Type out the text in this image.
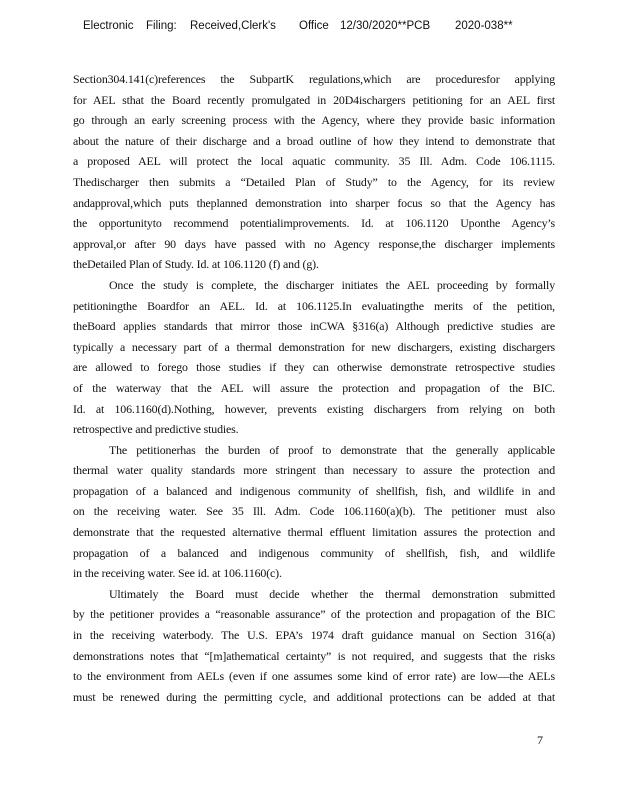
Electronic Filing: Received,Clerk's Office 12/30/2020**PCB 2020-038**
Section304.141(c)references the SubpartK regulations,which are proceduresfor applying
for AEL sthat the Board recently promulgated in 20D4ischargers petitioning for an AEL first
go through an early screening process with the Agency, where they provide basic information
about the nature of their discharge and a broad outline of how they intend to demonstrate that
a proposed AEL will protect the local aquatic community. 35 Ill. Adm. Code 106.1115.
Thedischarger then submits a “Detailed Plan of Study” to the Agency, for its review
andapproval,which puts theplanned demonstration into sharper focus so that the Agency has
the opportunityto recommend potentialimprovements. Id. at 106.1120 Uponthe Agency’s
approval,or after 90 days have passed with no Agency response,the discharger implements
theDetailed Plan of Study. Id. at 106.1120 (f) and (g).
Once the study is complete, the discharger initiates the AEL proceeding by formally
petitioningthe Boardfor an AEL. Id. at 106.1125.In evaluatingthe merits of the petition,
theBoard applies standards that mirror those inCWA §316(a) Although predictive studies are
typically a necessary part of a thermal demonstration for new dischargers, existing dischargers
are allowed to forego those studies if they can otherwise demonstrate retrospective studies
of the waterway that the AEL will assure the protection and propagation of the BIC.
Id. at 106.1160(d).Nothing, however, prevents existing dischargers from relying on both
retrospective and predictive studies.
The petitionerhas the burden of proof to demonstrate that the generally applicable
thermal water quality standards more stringent than necessary to assure the protection and
propagation of a balanced and indigenous community of shellfish, fish, and wildlife in and
on the receiving water. See 35 Ill. Adm. Code 106.1160(a)(b). The petitioner must also
demonstrate that the requested alternative thermal effluent limitation assures the protection and
propagation of a balanced and indigenous community of shellfish, fish, and wildlife
in the receiving water. See id. at 106.1160(c).
Ultimately the Board must decide whether the thermal demonstration submitted
by the petitioner provides a “reasonable assurance” of the protection and propagation of the BIC
in the receiving waterbody. The U.S. EPA’s 1974 draft guidance manual on Section 316(a)
demonstrations notes that “[m]athematical certainty” is not required, and suggests that the risks
to the environment from AELs (even if one assumes some kind of error rate) are low—the AELs
must be renewed during the permitting cycle, and additional protections can be added at that
7
